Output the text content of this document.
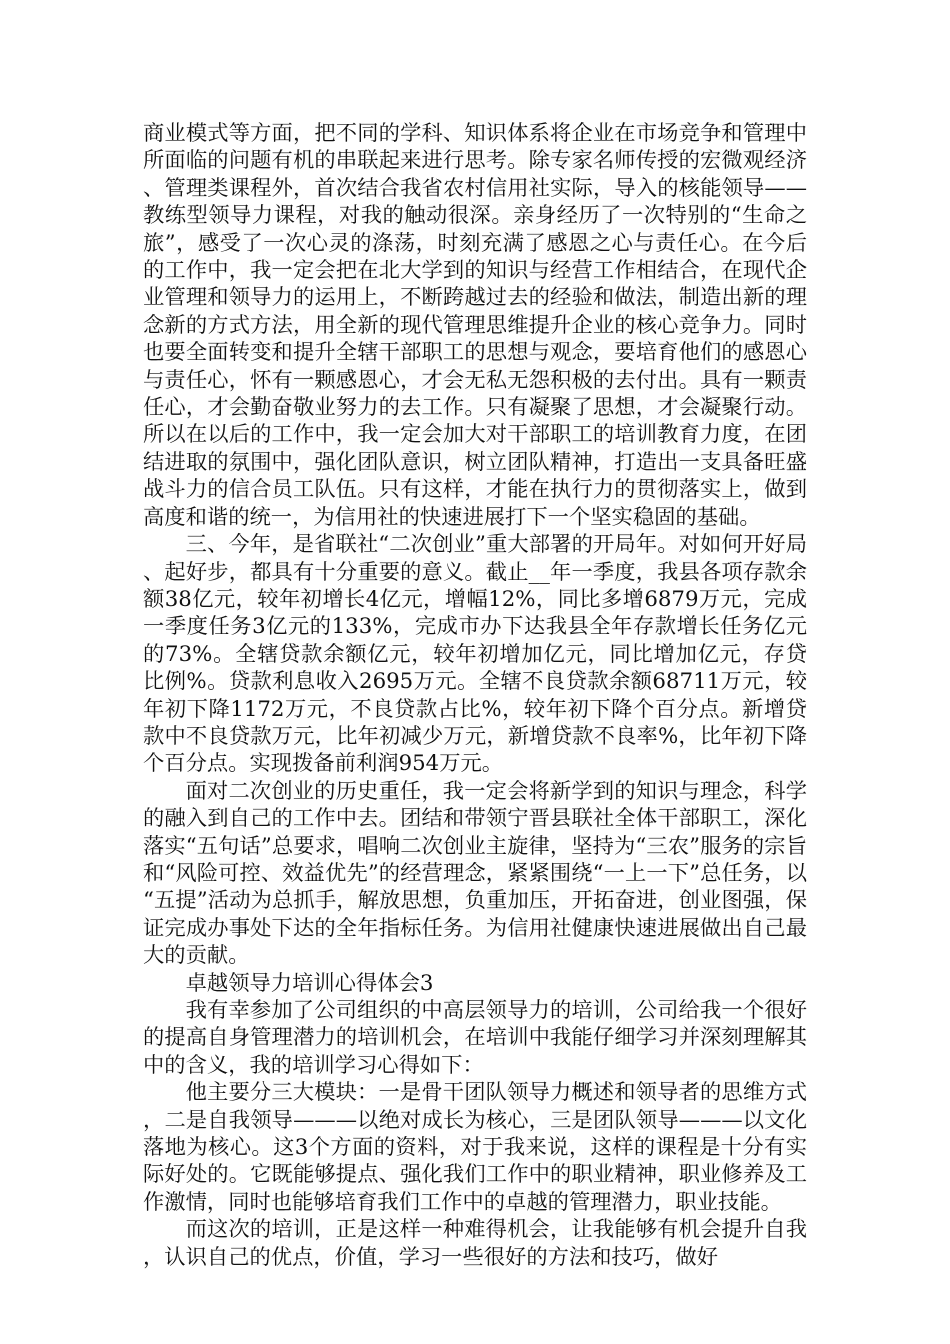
商业模式等方面，把不同的学科、知识体系将企业在市场竞争和管理中所面临的问题有机的串联起来进行思考。除专家名师传授的宏微观经济、管理类课程外，首次结合我省农村信用社实际，导入的核能领导——教练型领导力课程，对我的触动很深。亲身经历了一次特别的“生命之旅”，感受了一次心灵的涤荡，时刻充满了感恩之心与责任心。在今后的工作中，我一定会把在北大学到的知识与经营工作相结合，在现代企业管理和领导力的运用上，不断跨越过去的经验和做法，制造出新的理念新的方式方法，用全新的现代管理思维提升企业的核心竞争力。同时也要全面转变和提升全辖干部职工的思想与观念，要培育他们的感恩心与责任心，怀有一颗感恩心，才会无私无怨积极的去付出。具有一颗责任心，才会勤奋敬业努力的去工作。只有凝聚了思想，才会凝聚行动。所以在以后的工作中，我一定会加大对干部职工的培训教育力度，在团结进取的氛围中，强化团队意识，树立团队精神，打造出一支具备旺盛战斗力的信合员工队伍。只有这样，才能在执行力的贯彻落实上，做到高度和谐的统一，为信用社的快速进展打下一个坚实稳固的基础。

三、今年，是省联社“二次创业”重大部署的开局年。对如何开好局、起好步，都具有十分重要的意义。截止__年一季度，我县各项存款余额38亿元，较年初增长4亿元，增幅12%，同比多增6879万元，完成一季度任务3亿元的133%，完成市办下达我县全年存款增长任务亿元的73%。全辖贷款余额亿元，较年初增加亿元，同比增加亿元，存贷比例%。贷款利息收入2695万元。全辖不良贷款余额68711万元，较年初下降1172万元，不良贷款占比%，较年初下降个百分点。新增贷款中不良贷款万元，比年初减少万元，新增贷款不良率%，比年初下降个百分点。实现拨备前利润954万元。

面对二次创业的历史重任，我一定会将新学到的知识与理念，科学的融入到自己的工作中去。团结和带领宁晋县联社全体干部职工，深化落实“五句话”总要求，唱响二次创业主旋律，坚持为“三农”服务的宗旨和“风险可控、效益优先”的经营理念，紧紧围绕“一上一下”总任务，以“五提”活动为总抓手，解放思想，负重加压，开拓奋进，创业图强，保证完成办事处下达的全年指标任务。为信用社健康快速进展做出自己最大的贡献。

卓越领导力培训心得体会3

我有幸参加了公司组织的中高层领导力的培训，公司给我一个很好的提高自身管理潜力的培训机会，在培训中我能仔细学习并深刻理解其中的含义，我的培训学习心得如下：

他主要分三大模块：一是骨干团队领导力概述和领导者的思维方式，二是自我领导———以绝对成长为核心，三是团队领导———以文化落地为核心。这3个方面的资料，对于我来说，这样的课程是十分有实际好处的。它既能够提点、强化我们工作中的职业精神，职业修养及工作激情，同时也能够培育我们工作中的卓越的管理潜力，职业技能。

而这次的培训，正是这样一种难得机会，让我能够有机会提升自我，认识自己的优点，价值，学习一些很好的方法和技巧，做好
